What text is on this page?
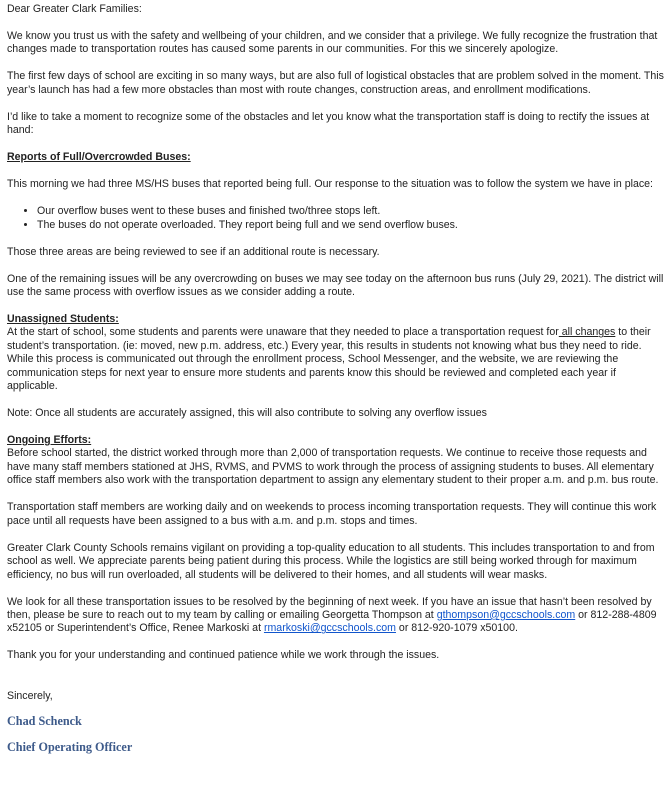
Dear Greater Clark Families:

We know you trust us with the safety and wellbeing of your children, and we consider that a privilege. We fully recognize the frustration that changes made to transportation routes has caused some parents in our communities. For this we sincerely apologize.

The first few days of school are exciting in so many ways, but are also full of logistical obstacles that are problem solved in the moment. This year’s launch has had a few more obstacles than most with route changes, construction areas, and enrollment modifications.

I’d like to take a moment to recognize some of the obstacles and let you know what the transportation staff is doing to rectify the issues at hand:

Reports of Full/Overcrowded Buses:

This morning we had three MS/HS buses that reported being full. Our response to the situation was to follow the system we have in place:

• Our overflow buses went to these buses and finished two/three stops left.
• The buses do not operate overloaded. They report being full and we send overflow buses.

Those three areas are being reviewed to see if an additional route is necessary.

One of the remaining issues will be any overcrowding on buses we may see today on the afternoon bus runs (July 29, 2021). The district will use the same process with overflow issues as we consider adding a route.

Unassigned Students:

At the start of school, some students and parents were unaware that they needed to place a transportation request for all changes to their student’s transportation. (ie: moved, new p.m. address, etc.) Every year, this results in students not knowing what bus they need to ride. While this process is communicated out through the enrollment process, School Messenger, and the website, we are reviewing the communication steps for next year to ensure more students and parents know this should be reviewed and completed each year if applicable.

Note: Once all students are accurately assigned, this will also contribute to solving any overflow issues

Ongoing Efforts:

Before school started, the district worked through more than 2,000 of transportation requests. We continue to receive those requests and have many staff members stationed at JHS, RVMS, and PVMS to work through the process of assigning students to buses. All elementary office staff members also work with the transportation department to assign any elementary student to their proper a.m. and p.m. bus route.

Transportation staff members are working daily and on weekends to process incoming transportation requests. They will continue this work pace until all requests have been assigned to a bus with a.m. and p.m. stops and times.

Greater Clark County Schools remains vigilant on providing a top-quality education to all students. This includes transportation to and from school as well. We appreciate parents being patient during this process. While the logistics are still being worked through for maximum efficiency, no bus will run overloaded, all students will be delivered to their homes, and all students will wear masks.

We look for all these transportation issues to be resolved by the beginning of next week. If you have an issue that hasn’t been resolved by then, please be sure to reach out to my team by calling or emailing Georgetta Thompson at gthompson@gccschools.com or 812-288-4809 x52105 or Superintendent’s Office, Renee Markoski at rmarkoski@gccschools.com or 812-920-1079 x50100.

Thank you for your understanding and continued patience while we work through the issues.

Sincerely,

Chad Schenck

Chief Operating Officer
